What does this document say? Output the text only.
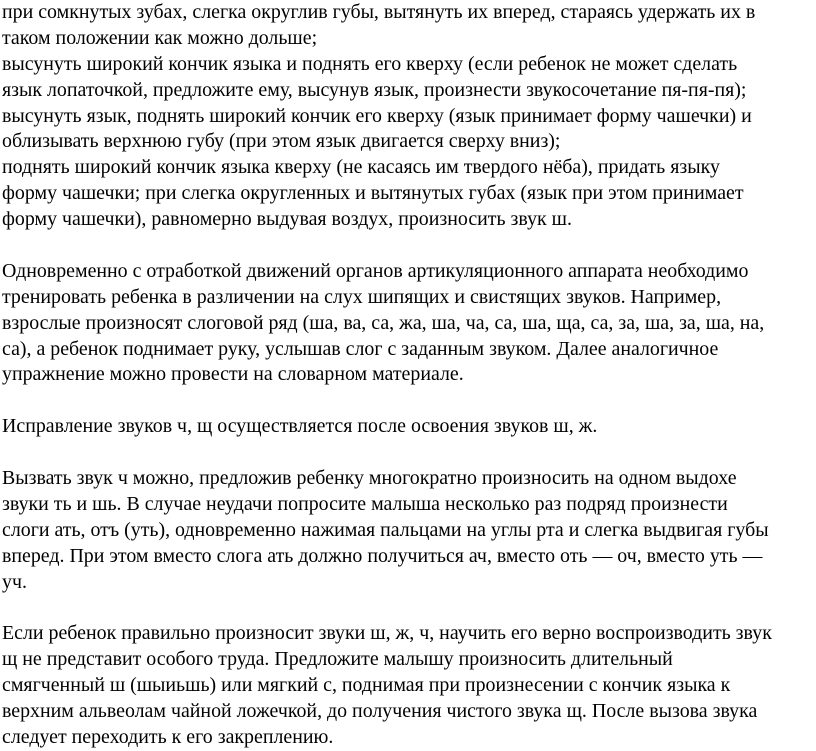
при сомкнутых зубах, слегка округлив губы, вытянуть их вперед, стараясь удержать их в
таком положении как можно дольше;
высунуть широкий кончик языка и поднять его кверху (если ребенок не может сделать
язык лопаточкой, предложите ему, высунув язык, произнести звукосочетание пя-пя-пя);
высунуть язык, поднять широкий кончик его кверху (язык принимает форму чашечки) и
облизывать верхнюю губу (при этом язык двигается сверху вниз);
поднять широкий кончик языка кверху (не касаясь им твердого нёба), придать языку
форму чашечки; при слегка округленных и вытянутых губах (язык при этом принимает
форму чашечки), равномерно выдувая воздух, произносить звук ш.
Одновременно с отработкой движений органов артикуляционного аппарата необходимо
тренировать ребенка в различении на слух шипящих и свистящих звуков. Например,
взрослые произносят слоговой ряд (ша, ва, са, жа, ша, ча, са, ша, ща, са, за, ша, за, ша, на,
са), а ребенок поднимает руку, услышав слог с заданным звуком. Далее аналогичное
упражнение можно провести на словарном материале.
Исправление звуков ч, щ осуществляется после освоения звуков ш, ж.
Вызвать звук ч можно, предложив ребенку многократно произносить на одном выдохе
звуки ть и шь. В случае неудачи попросите малыша несколько раз подряд произнести
слоги ать, отъ (уть), одновременно нажимая пальцами на углы рта и слегка выдвигая губы
вперед. При этом вместо слога ать должно получиться ач, вместо оть — оч, вместо уть —
уч.
Если ребенок правильно произносит звуки ш, ж, ч, научить его верно воспроизводить звук
щ не представит особого труда. Предложите малышу произносить длительный
смягченный ш (шыиьшь) или мягкий с, поднимая при произнесении с кончик языка к
верхним альвеолам чайной ложечкой, до получения чистого звука щ. После вызова звука
следует переходить к его закреплению.
